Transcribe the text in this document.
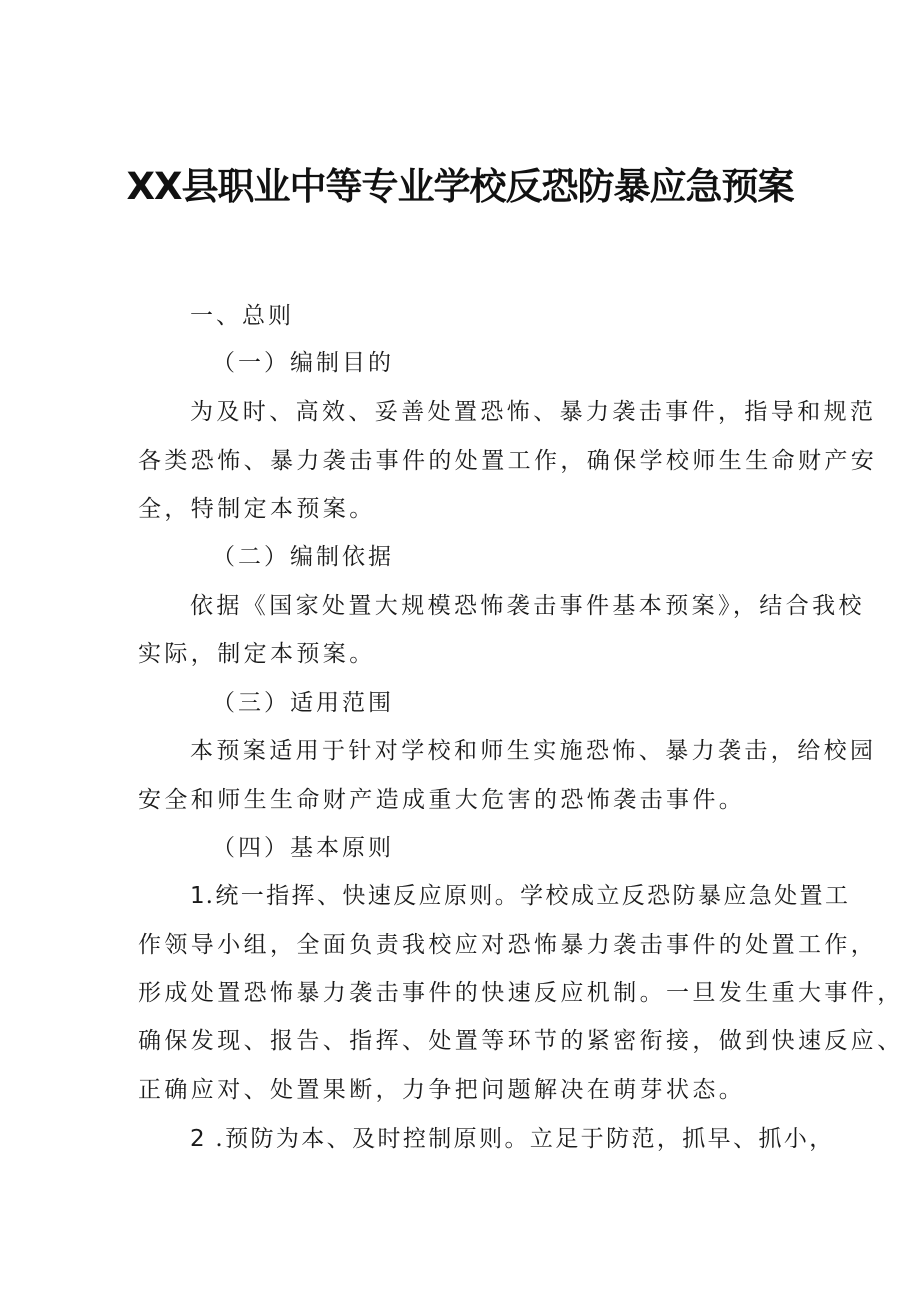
XX县职业中等专业学校反恐防暴应急预案
一、总则
（一）编制目的
为及时、高效、妥善处置恐怖、暴力袭击事件，指导和规范
各类恐怖、暴力袭击事件的处置工作，确保学校师生生命财产安
全，特制定本预案。
（二）编制依据
依据《国家处置大规模恐怖袭击事件基本预案》，结合我校
实际，制定本预案。
（三）适用范围
本预案适用于针对学校和师生实施恐怖、暴力袭击，给校园
安全和师生生命财产造成重大危害的恐怖袭击事件。
（四）基本原则
1.统一指挥、快速反应原则。学校成立反恐防暴应急处置工
作领导小组，全面负责我校应对恐怖暴力袭击事件的处置工作，
形成处置恐怖暴力袭击事件的快速反应机制。一旦发生重大事件，
确保发现、报告、指挥、处置等环节的紧密衔接，做到快速反应、
正确应对、处置果断，力争把问题解决在萌芽状态。
2 .预防为本、及时控制原则。立足于防范，抓早、抓小，
